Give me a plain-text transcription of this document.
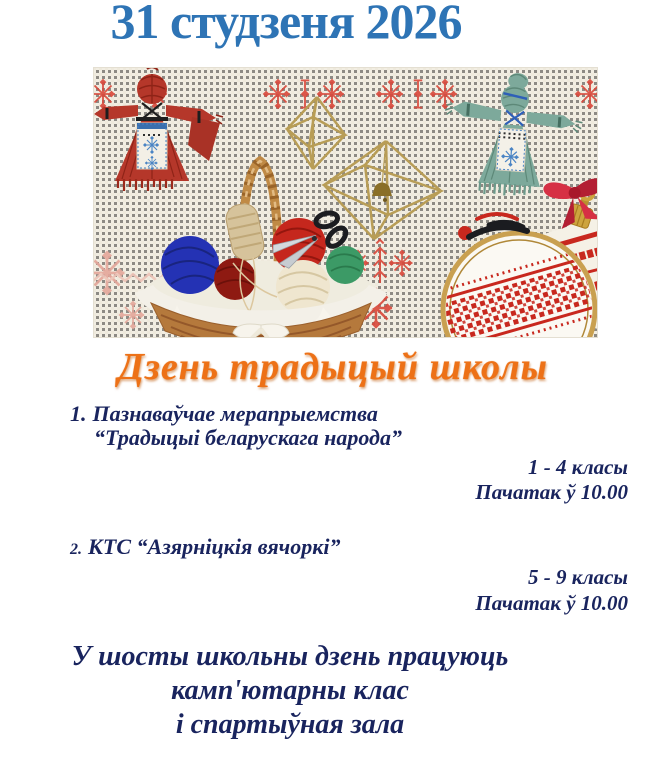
31 студзеня 2026
Дзень традыцый школы
1. Пазнаваўчае мерапрыемства
“Традыцыі беларускага народа”
1 - 4 класы
Пачатак ў 10.00
2. КТС “Азярніцкія вячоркі”
5 - 9 класы
Пачатак ў 10.00
У шосты школьны дзень працуюць
камп'ютарны клас
і спартыўная зала
